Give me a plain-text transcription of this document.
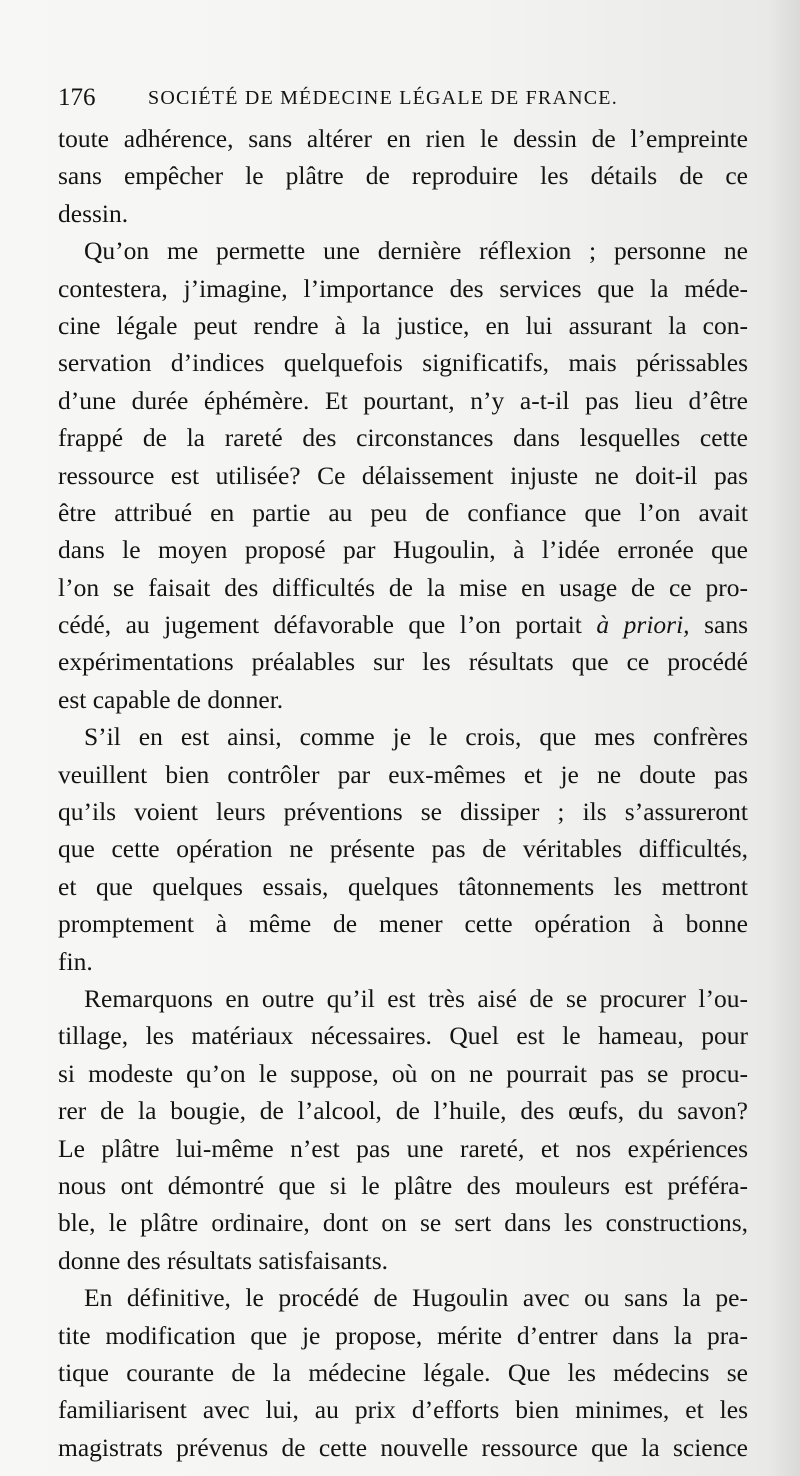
176	SOCIÉTÉ DE MÉDECINE LÉGALE DE FRANCE.
toute adhérence, sans altérer en rien le dessin de l’empreinte
sans empêcher le plâtre de reproduire les détails de ce
dessin.
Qu’on me permette une dernière réflexion ; personne ne
contestera, j’imagine, l’importance des services que la méde-
cine légale peut rendre à la justice, en lui assurant la con-
servation d’indices quelquefois significatifs, mais périssables
d’une durée éphémère. Et pourtant, n’y a-t-il pas lieu d’être
frappé de la rareté des circonstances dans lesquelles cette
ressource est utilisée? Ce délaissement injuste ne doit-il pas
être attribué en partie au peu de confiance que l’on avait
dans le moyen proposé par Hugoulin, à l’idée erronée que
l’on se faisait des difficultés de la mise en usage de ce pro-
cédé, au jugement défavorable que l’on portait à priori, sans
expérimentations préalables sur les résultats que ce procédé
est capable de donner.
S’il en est ainsi, comme je le crois, que mes confrères
veuillent bien contrôler par eux-mêmes et je ne doute pas
qu’ils voient leurs préventions se dissiper ; ils s’assureront
que cette opération ne présente pas de véritables difficultés,
et que quelques essais, quelques tâtonnements les mettront
promptement à même de mener cette opération à bonne
fin.
Remarquons en outre qu’il est très aisé de se procurer l’ou-
tillage, les matériaux nécessaires. Quel est le hameau, pour
si modeste qu’on le suppose, où on ne pourrait pas se procu-
rer de la bougie, de l’alcool, de l’huile, des œufs, du savon?
Le plâtre lui-même n’est pas une rareté, et nos expériences
nous ont démontré que si le plâtre des mouleurs est préféra-
ble, le plâtre ordinaire, dont on se sert dans les constructions,
donne des résultats satisfaisants.
En définitive, le procédé de Hugoulin avec ou sans la pe-
tite modification que je propose, mérite d’entrer dans la pra-
tique courante de la médecine légale. Que les médecins se
familiarisent avec lui, au prix d’efforts bien minimes, et les
magistrats prévenus de cette nouvelle ressource que la science
